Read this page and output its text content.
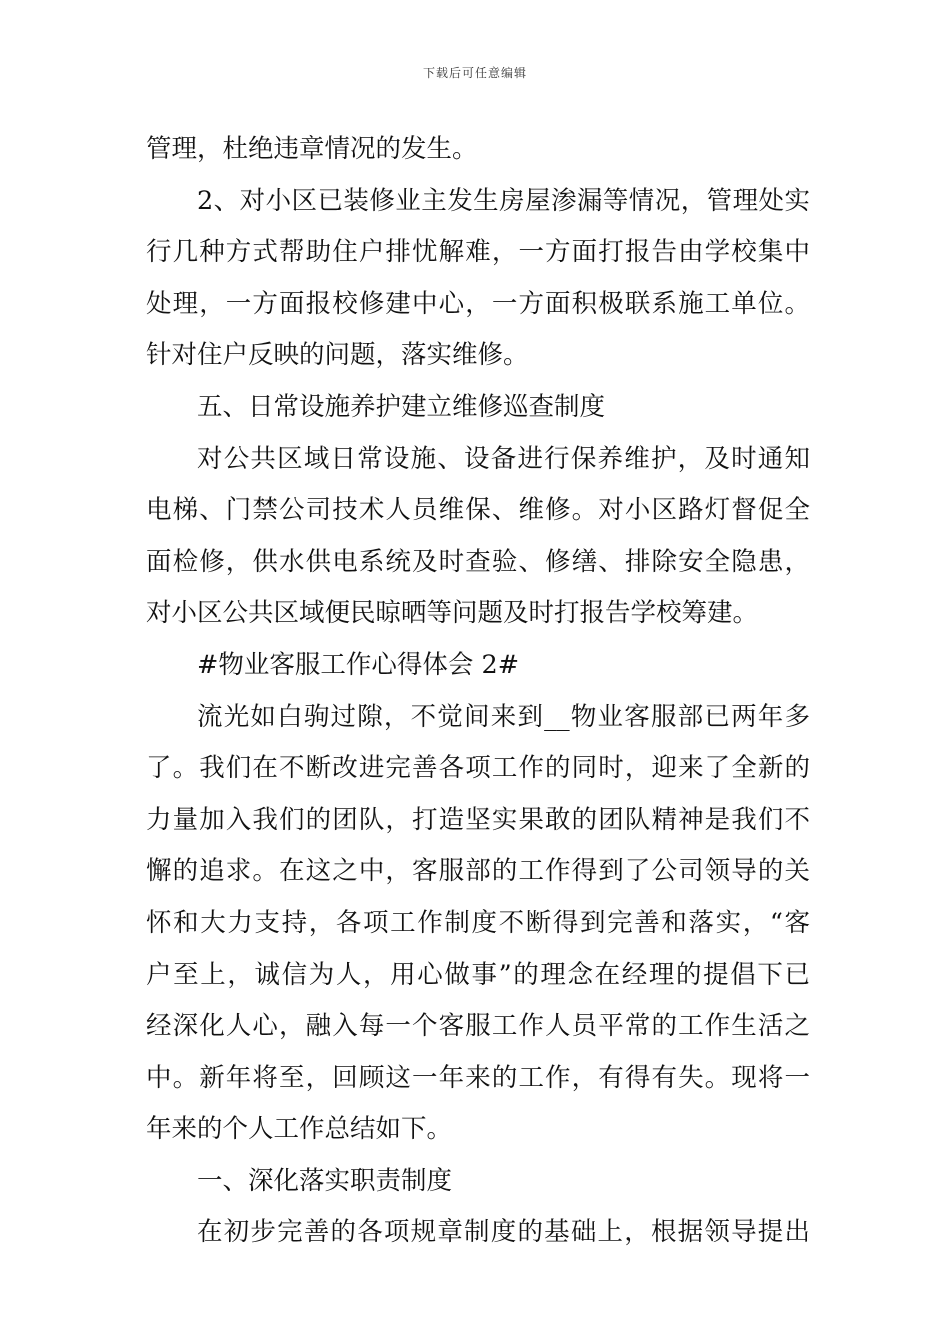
下载后可任意编辑
管理，杜绝违章情况的发生。
2、对小区已装修业主发生房屋渗漏等情况，管理处实
行几种方式帮助住户排忧解难，一方面打报告由学校集中
处理，一方面报校修建中心，一方面积极联系施工单位。
针对住户反映的问题，落实维修。
五、日常设施养护建立维修巡查制度
对公共区域日常设施、设备进行保养维护，及时通知
电梯、门禁公司技术人员维保、维修。对小区路灯督促全
面检修，供水供电系统及时查验、修缮、排除安全隐患，
对小区公共区域便民晾晒等问题及时打报告学校筹建。
#物业客服工作心得体会 2#
流光如白驹过隙，不觉间来到__物业客服部已两年多
了。我们在不断改进完善各项工作的同时，迎来了全新的
力量加入我们的团队，打造坚实果敢的团队精神是我们不
懈的追求。在这之中，客服部的工作得到了公司领导的关
怀和大力支持，各项工作制度不断得到完善和落实，“客
户至上，诚信为人，用心做事”的理念在经理的提倡下已
经深化人心，融入每一个客服工作人员平常的工作生活之
中。新年将至，回顾这一年来的工作，有得有失。现将一
年来的个人工作总结如下。
一、深化落实职责制度
在初步完善的各项规章制度的基础上，根据领导提出
